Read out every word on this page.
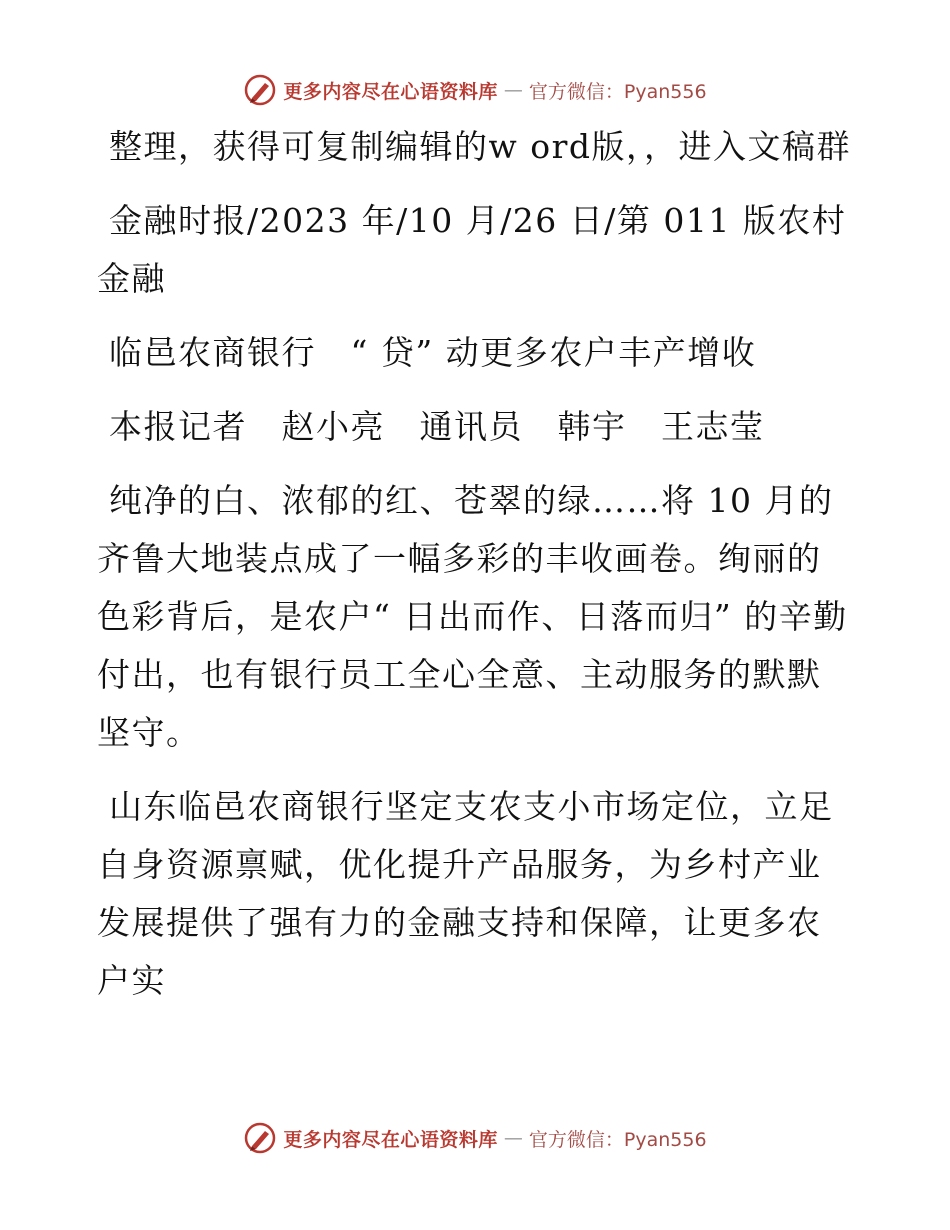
更多内容尽在心语资料库 — 官方微信：Pyan556

整理，获得可复制编辑的w ord版，，进入文稿群

金融时报/2023 年/10 月/26 日/第 011 版农村金融

临邑农商银行　“ 贷” 动更多农户丰产增收

本报记者　赵小亮　通讯员　韩宇　王志莹

纯净的白、浓郁的红、苍翠的绿……将 10 月的齐鲁大地装点成了一幅多彩的丰收画卷。绚丽的色彩背后，是农户“ 日出而作、日落而归” 的辛勤付出，也有银行员工全心全意、主动服务的默默坚守。

山东临邑农商银行坚定支农支小市场定位，立足自身资源禀赋，优化提升产品服务，为乡村产业发展提供了强有力的金融支持和保障，让更多农户实

更多内容尽在心语资料库 — 官方微信：Pyan556
